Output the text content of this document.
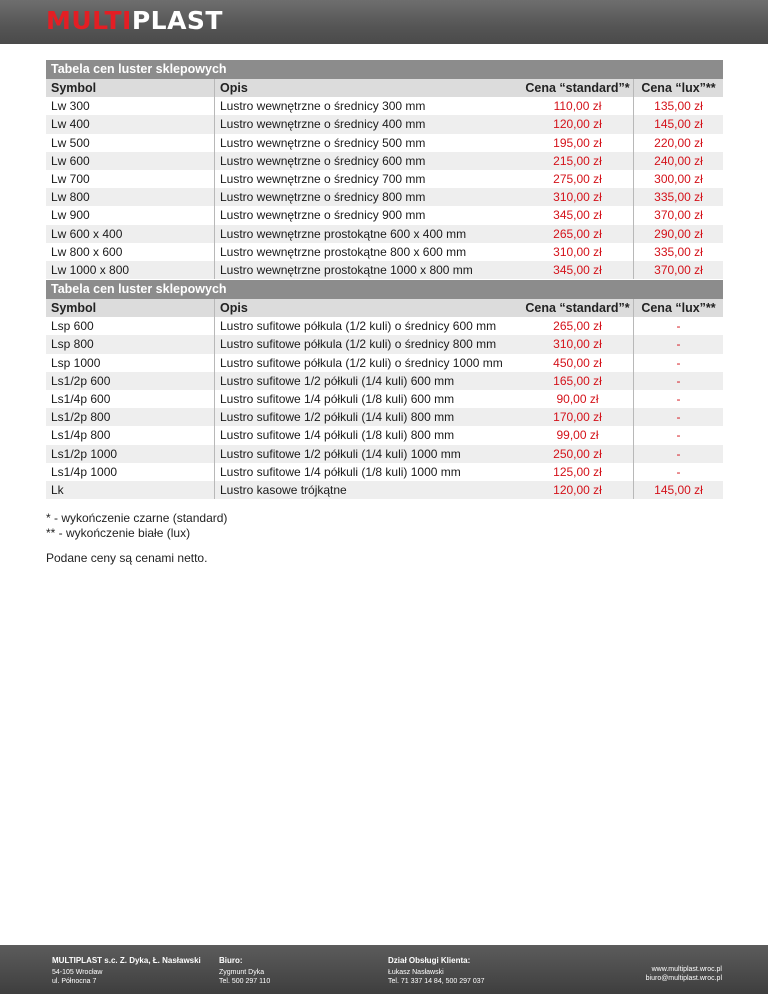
MULTIPLAST
Tabela cen luster sklepowych
Symbol	Opis	Cena “standard”* Cena “lux”**
Lw 300	Lustro wewnętrzne o średnicy 300 mm	110,00 zł	135,00 zł
Lw 400	Lustro wewnętrzne o średnicy 400 mm	120,00 zł	145,00 zł
Lw 500	Lustro wewnętrzne o średnicy 500 mm	195,00 zł	220,00 zł
Lw 600	Lustro wewnętrzne o średnicy 600 mm	215,00 zł	240,00 zł
Lw 700	Lustro wewnętrzne o średnicy 700 mm	275,00 zł	300,00 zł
Lw 800	Lustro wewnętrzne o średnicy 800 mm	310,00 zł	335,00 zł
Lw 900	Lustro wewnętrzne o średnicy 900 mm	345,00 zł	370,00 zł
Lw 600 x 400	Lustro wewnętrzne prostokątne 600 x 400 mm	265,00 zł	290,00 zł
Lw 800 x 600	Lustro wewnętrzne prostokątne 800 x 600 mm	310,00 zł	335,00 zł
Lw 1000 x 800	Lustro wewnętrzne prostokątne 1000 x 800 mm	345,00 zł	370,00 zł
Tabela cen luster sklepowych
Symbol	Opis	Cena “standard”* Cena “lux”**
Lsp 600	Lustro sufitowe półkula (1/2 kuli) o średnicy 600 mm	265,00 zł	-
Lsp 800	Lustro sufitowe półkula (1/2 kuli) o średnicy 800 mm	310,00 zł	-
Lsp 1000	Lustro sufitowe półkula (1/2 kuli) o średnicy 1000 mm	450,00 zł	-
Ls1/2p 600	Lustro sufitowe 1/2 półkuli (1/4 kuli) 600 mm	165,00 zł	-
Ls1/4p 600	Lustro sufitowe 1/4 półkuli (1/8 kuli) 600 mm	90,00 zł	-
Ls1/2p 800	Lustro sufitowe 1/2 półkuli (1/4 kuli) 800 mm	170,00 zł	-
Ls1/4p 800	Lustro sufitowe 1/4 półkuli (1/8 kuli) 800 mm	99,00 zł	-
Ls1/2p 1000	Lustro sufitowe 1/2 półkuli (1/4 kuli) 1000 mm	250,00 zł	-
Ls1/4p 1000	Lustro sufitowe 1/4 półkuli (1/8 kuli) 1000 mm	125,00 zł	-
Lk	Lustro kasowe trójkątne	120,00 zł	145,00 zł
* - wykończenie czarne (standard)
** - wykończenie białe (lux)
Podane ceny są cenami netto.
MULTIPLAST s.c. Z. Dyka, Ł. Nasławski
54-105 Wrocław
ul. Północna 7
Biuro:
Zygmunt Dyka
Tel. 500 297 110
Dział Obsługi Klienta:
Łukasz Nasławski
Tel. 71 337 14 84, 500 297 037
www.multiplast.wroc.pl
biuro@multiplast.wroc.pl
